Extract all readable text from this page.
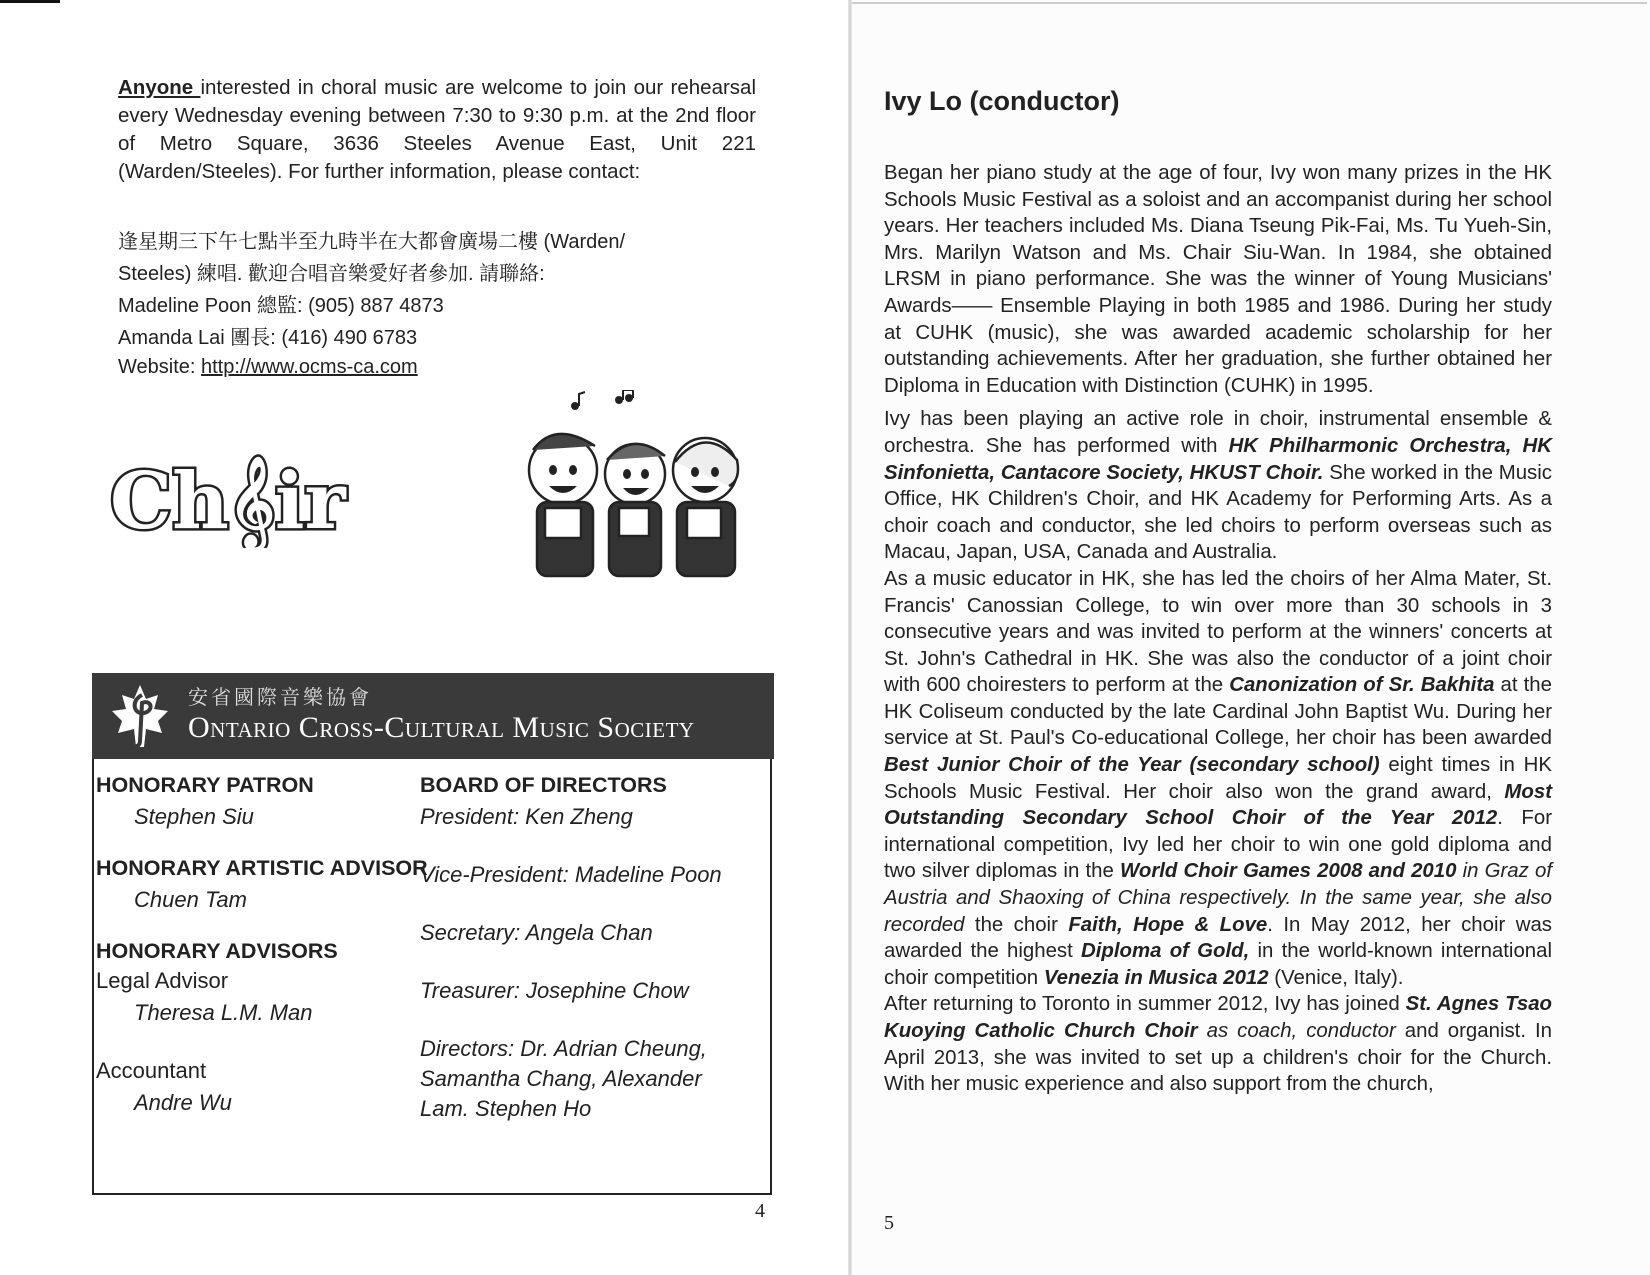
Anyone interested in choral music are welcome to join our rehearsal every Wednesday evening between 7:30 to 9:30 p.m. at the 2nd floor of Metro Square, 3636 Steeles Avenue East, Unit 221 (Warden/Steeles). For further information, please contact:
逢星期三下午七點半至九時半在大都會廣場二樓 (Warden/
Steeles) 練唱. 歡迎合唱音樂愛好者參加. 請聯絡:
Madeline Poon 總監: (905) 887 4873
Amanda Lai 團長: (416) 490 6783
Website: http://www.ocms-ca.com
Ch𝄞ir
安省國際音樂協會
Ontario Cross-Cultural Music Society
HONORARY PATRON
Stephen Siu
HONORARY ARTISTIC ADVISOR
Chuen Tam
HONORARY ADVISORS
Legal Advisor
Theresa L.M. Man
Accountant
Andre Wu
BOARD OF DIRECTORS
President: Ken Zheng
Vice-President: Madeline Poon
Secretary: Angela Chan
Treasurer: Josephine Chow
Directors: Dr. Adrian Cheung,
Samantha Chang, Alexander
Lam. Stephen Ho
4
Ivy Lo (conductor)

Began her piano study at the age of four, Ivy won many prizes in the HK Schools Music Festival as a soloist and an accompanist during her school years. Her teachers included Ms. Diana Tseung Pik-Fai, Ms. Tu Yueh-Sin, Mrs. Marilyn Watson and Ms. Chair Siu-Wan. In 1984, she obtained LRSM in piano performance. She was the winner of Young Musicians' Awards—— Ensemble Playing in both 1985 and 1986. During her study at CUHK (music), she was awarded academic scholarship for her outstanding achievements. After her graduation, she further obtained her Diploma in Education with Distinction (CUHK) in 1995.

Ivy has been playing an active role in choir, instrumental ensemble & orchestra. She has performed with HK Philharmonic Orchestra, HK Sinfonietta, Cantacore Society, HKUST Choir. She worked in the Music Office, HK Children's Choir, and HK Academy for Performing Arts. As a choir coach and conductor, she led choirs to perform overseas such as Macau, Japan, USA, Canada and Australia.

As a music educator in HK, she has led the choirs of her Alma Mater, St. Francis' Canossian College, to win over more than 30 schools in 3 consecutive years and was invited to perform at the winners' concerts at St. John's Cathedral in HK. She was also the conductor of a joint choir with 600 choiresters to perform at the Canonization of Sr. Bakhita at the HK Coliseum conducted by the late Cardinal John Baptist Wu. During her service at St. Paul's Co-educational College, her choir has been awarded Best Junior Choir of the Year (secondary school) eight times in HK Schools Music Festival. Her choir also won the grand award, Most Outstanding Secondary School Choir of the Year 2012. For international competition, Ivy led her choir to win one gold diploma and two silver diplomas in the World Choir Games 2008 and 2010 in Graz of Austria and Shaoxing of China respectively. In the same year, she also recorded the choir Faith, Hope & Love. In May 2012, her choir was awarded the highest Diploma of Gold, in the world-known international choir competition Venezia in Musica 2012 (Venice, Italy).

After returning to Toronto in summer 2012, Ivy has joined St. Agnes Tsao Kuoying Catholic Church Choir as coach, conductor and organist. In April 2013, she was invited to set up a children's choir for the Church. With her music experience and also support from the church,

5
